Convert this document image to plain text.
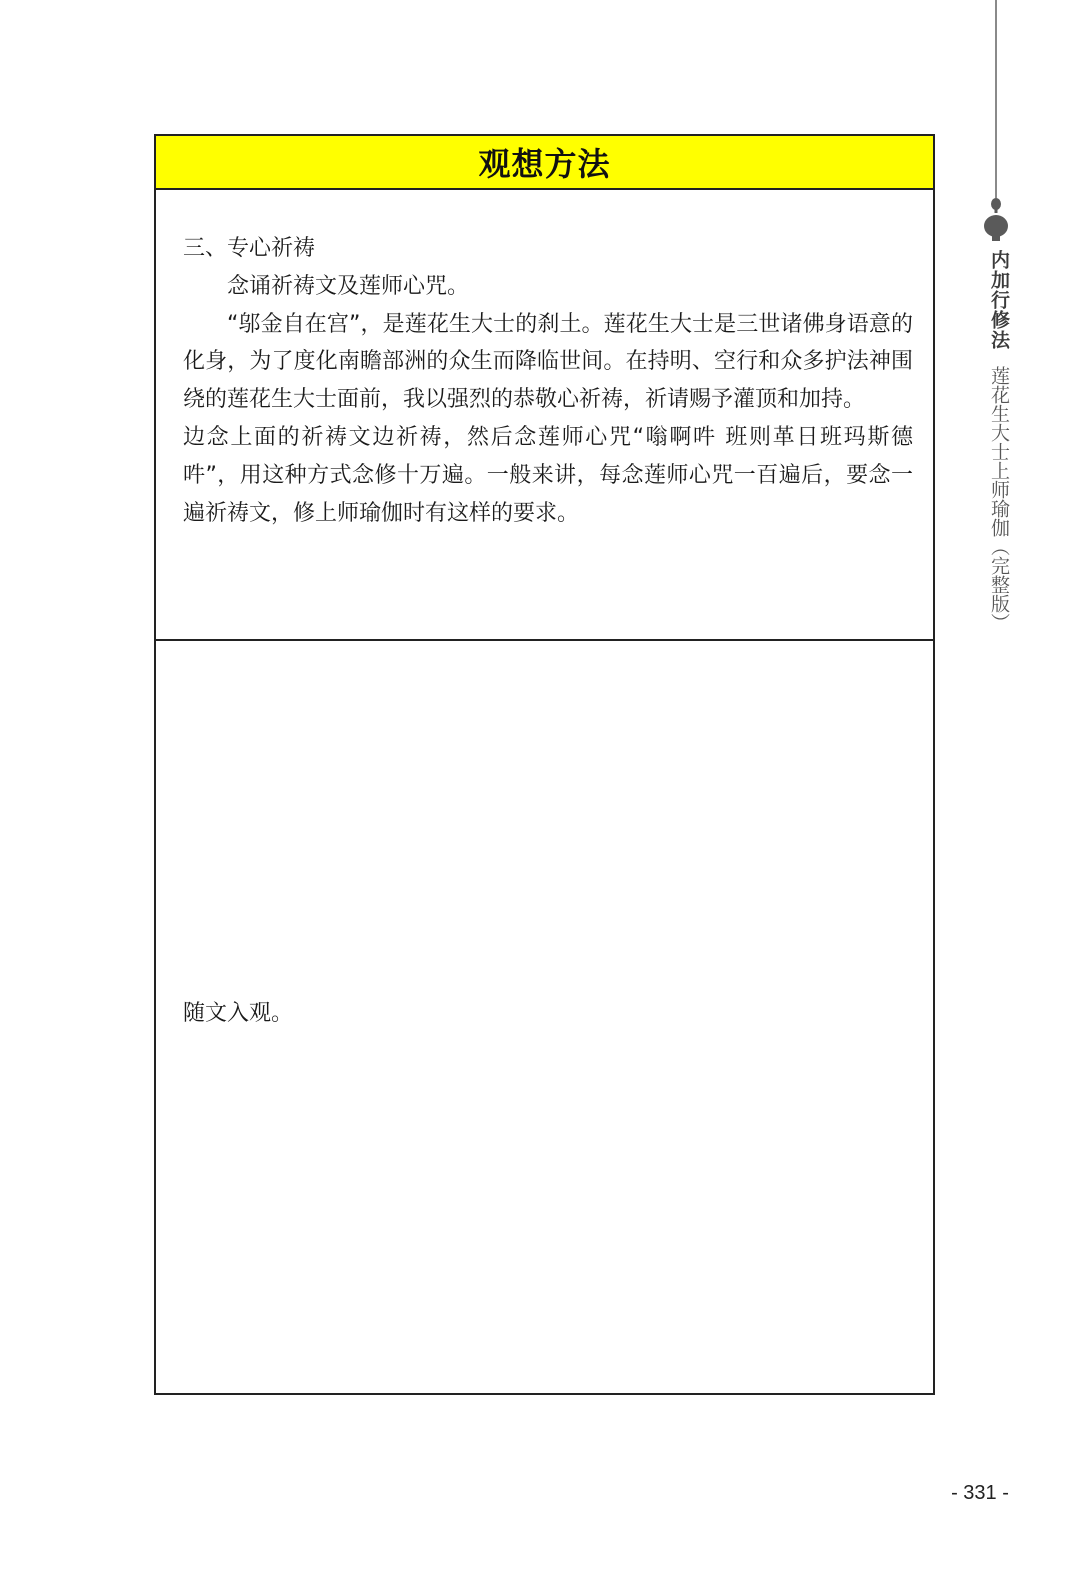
内加行修法
莲花生大士上师瑜伽（完整版）
观想方法

三、专心祈祷

念诵祈祷文及莲师心咒。

“邬金自在宫”，是莲花生大士的刹土。莲花生大士是三世诸佛身语意的化身，为了度化南瞻部洲的众生而降临世间。在持明、空行和众多护法神围绕的莲花生大士面前，我以强烈的恭敬心祈祷，祈请赐予灌顶和加持。

边念上面的祈祷文边祈祷，然后念莲师心咒“嗡啊吽 班则革日班玛斯德吽”，用这种方式念修十万遍。一般来讲，每念莲师心咒一百遍后，要念一遍祈祷文，修上师瑜伽时有这样的要求。

随文入观。
- 331 -
